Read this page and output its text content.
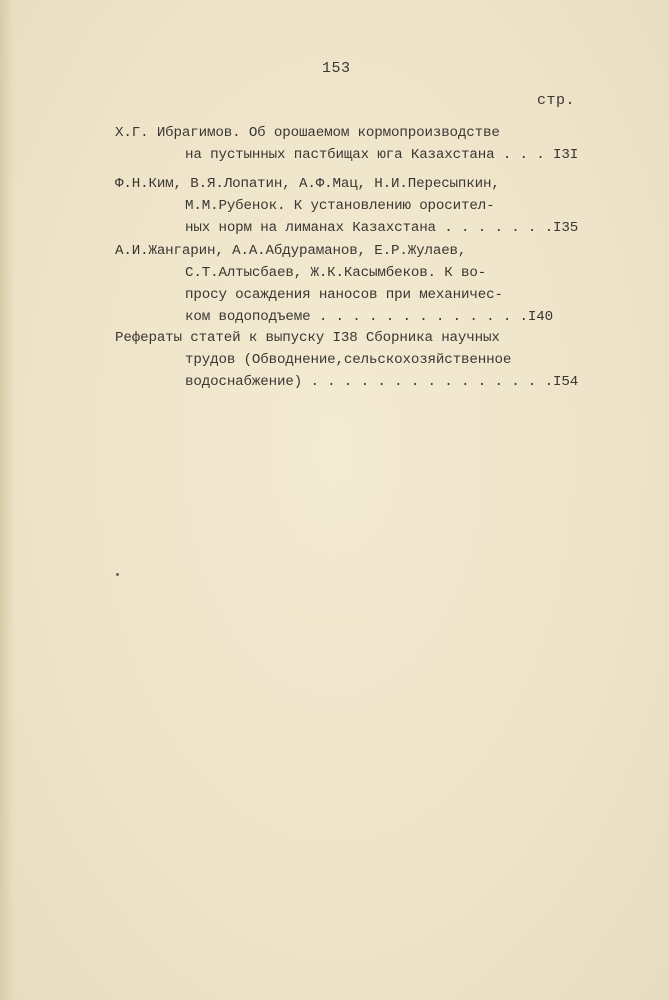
153
стр.
Х.Г. Ибрагимов. Об орошаемом кормопроизводстве
на пустынных пастбищах юга Казахстана . . . I3I
Ф.Н.Ким, В.Я.Лопатин, А.Ф.Мац, Н.И.Пересыпкин,
М.М.Рубенок. К установлению оросител-
ных норм на лиманах Казахстана . . . . . . .I35
А.И.Жангарин, А.А.Абдураманов, Е.Р.Жулаев,
С.Т.Алтысбаев, Ж.К.Касымбеков. К во-
просу осаждения наносов при механичес-
ком водоподъеме . . . . . . . . . . . . .I40
Рефераты статей к выпуску I38 Сборника научных
трудов (Обводнение,сельскохозяйственное
водоснабжение) . . . . . . . . . . . . . . .I54
